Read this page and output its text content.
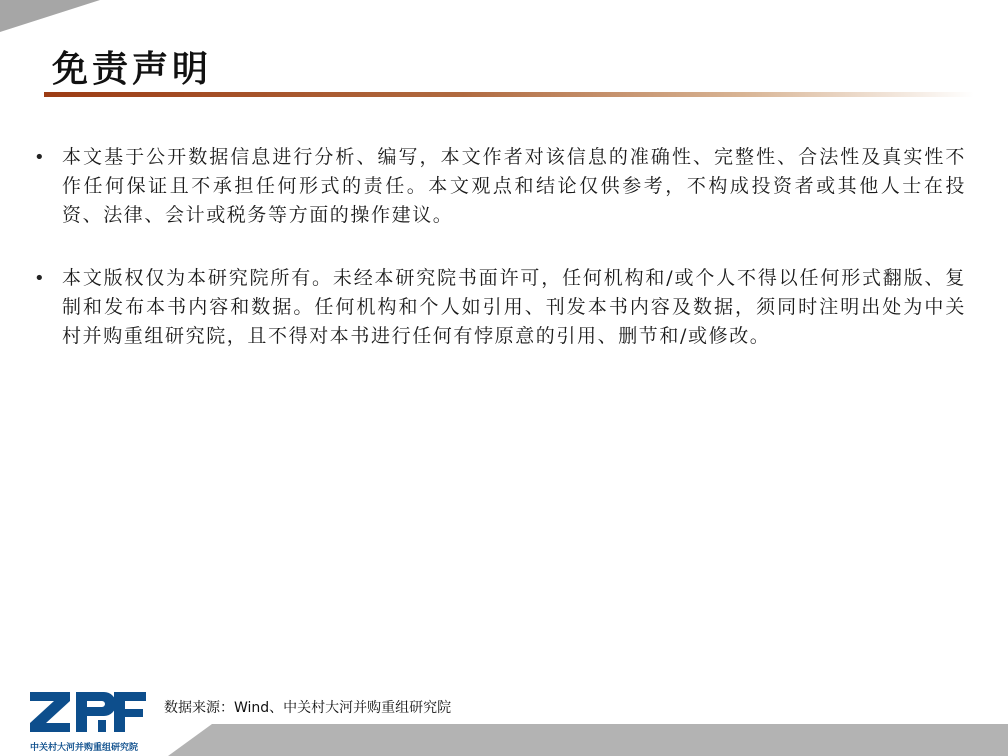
免责声明
• 本文基于公开数据信息进行分析、编写，本文作者对该信息的准确性、完整性、合法性及真实性不作任何保证且不承担任何形式的责任。本文观点和结论仅供参考，不构成投资者或其他人士在投资、法律、会计或税务等方面的操作建议。
• 本文版权仅为本研究院所有。未经本研究院书面许可，任何机构和/或个人不得以任何形式翻版、复制和发布本书内容和数据。任何机构和个人如引用、刊发本书内容及数据，须同时注明出处为中关村并购重组研究院，且不得对本书进行任何有悖原意的引用、删节和/或修改。
中关村大河并购重组研究院
数据来源：Wind、中关村大河并购重组研究院
